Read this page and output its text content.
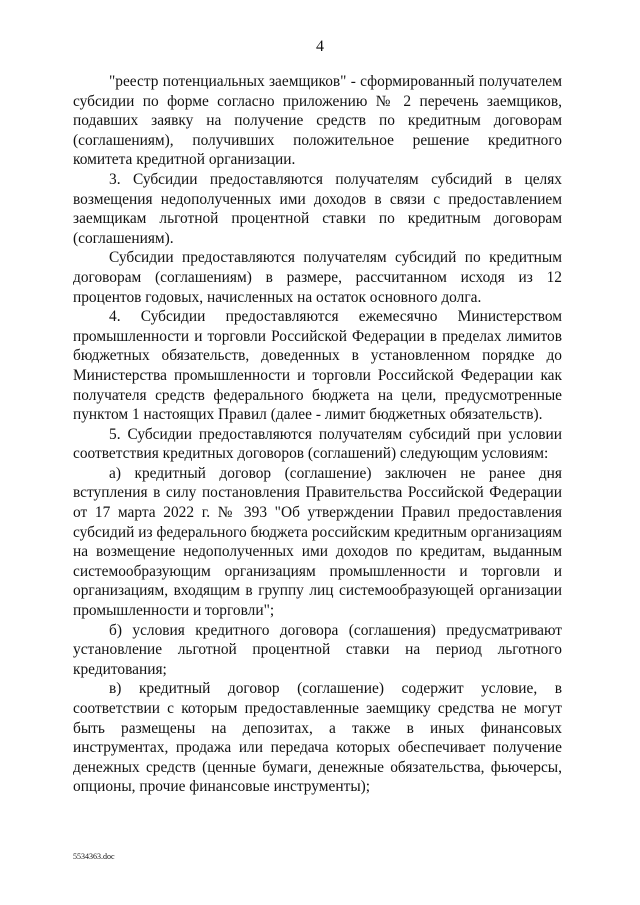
4

"реестр потенциальных заемщиков" - сформированный получателем субсидии по форме согласно приложению № 2 перечень заемщиков, подавших заявку на получение средств по кредитным договорам (соглашениям), получивших положительное решение кредитного комитета кредитной организации.

3. Субсидии предоставляются получателям субсидий в целях возмещения недополученных ими доходов в связи с предоставлением заемщикам льготной процентной ставки по кредитным договорам (соглашениям).

Субсидии предоставляются получателям субсидий по кредитным договорам (соглашениям) в размере, рассчитанном исходя из 12 процентов годовых, начисленных на остаток основного долга.

4. Субсидии предоставляются ежемесячно Министерством промышленности и торговли Российской Федерации в пределах лимитов бюджетных обязательств, доведенных в установленном порядке до Министерства промышленности и торговли Российской Федерации как получателя средств федерального бюджета на цели, предусмотренные пунктом 1 настоящих Правил (далее - лимит бюджетных обязательств).

5. Субсидии предоставляются получателям субсидий при условии соответствия кредитных договоров (соглашений) следующим условиям:

а) кредитный договор (соглашение) заключен не ранее дня вступления в силу постановления Правительства Российской Федерации от 17 марта 2022 г. № 393 "Об утверждении Правил предоставления субсидий из федерального бюджета российским кредитным организациям на возмещение недополученных ими доходов по кредитам, выданным системообразующим организациям промышленности и торговли и организациям, входящим в группу лиц системообразующей организации промышленности и торговли";

б) условия кредитного договора (соглашения) предусматривают установление льготной процентной ставки на период льготного кредитования;

в) кредитный договор (соглашение) содержит условие, в соответствии с которым предоставленные заемщику средства не могут быть размещены на депозитах, а также в иных финансовых инструментах, продажа или передача которых обеспечивает получение денежных средств (ценные бумаги, денежные обязательства, фьючерсы, опционы, прочие финансовые инструменты);

5534363.doc
